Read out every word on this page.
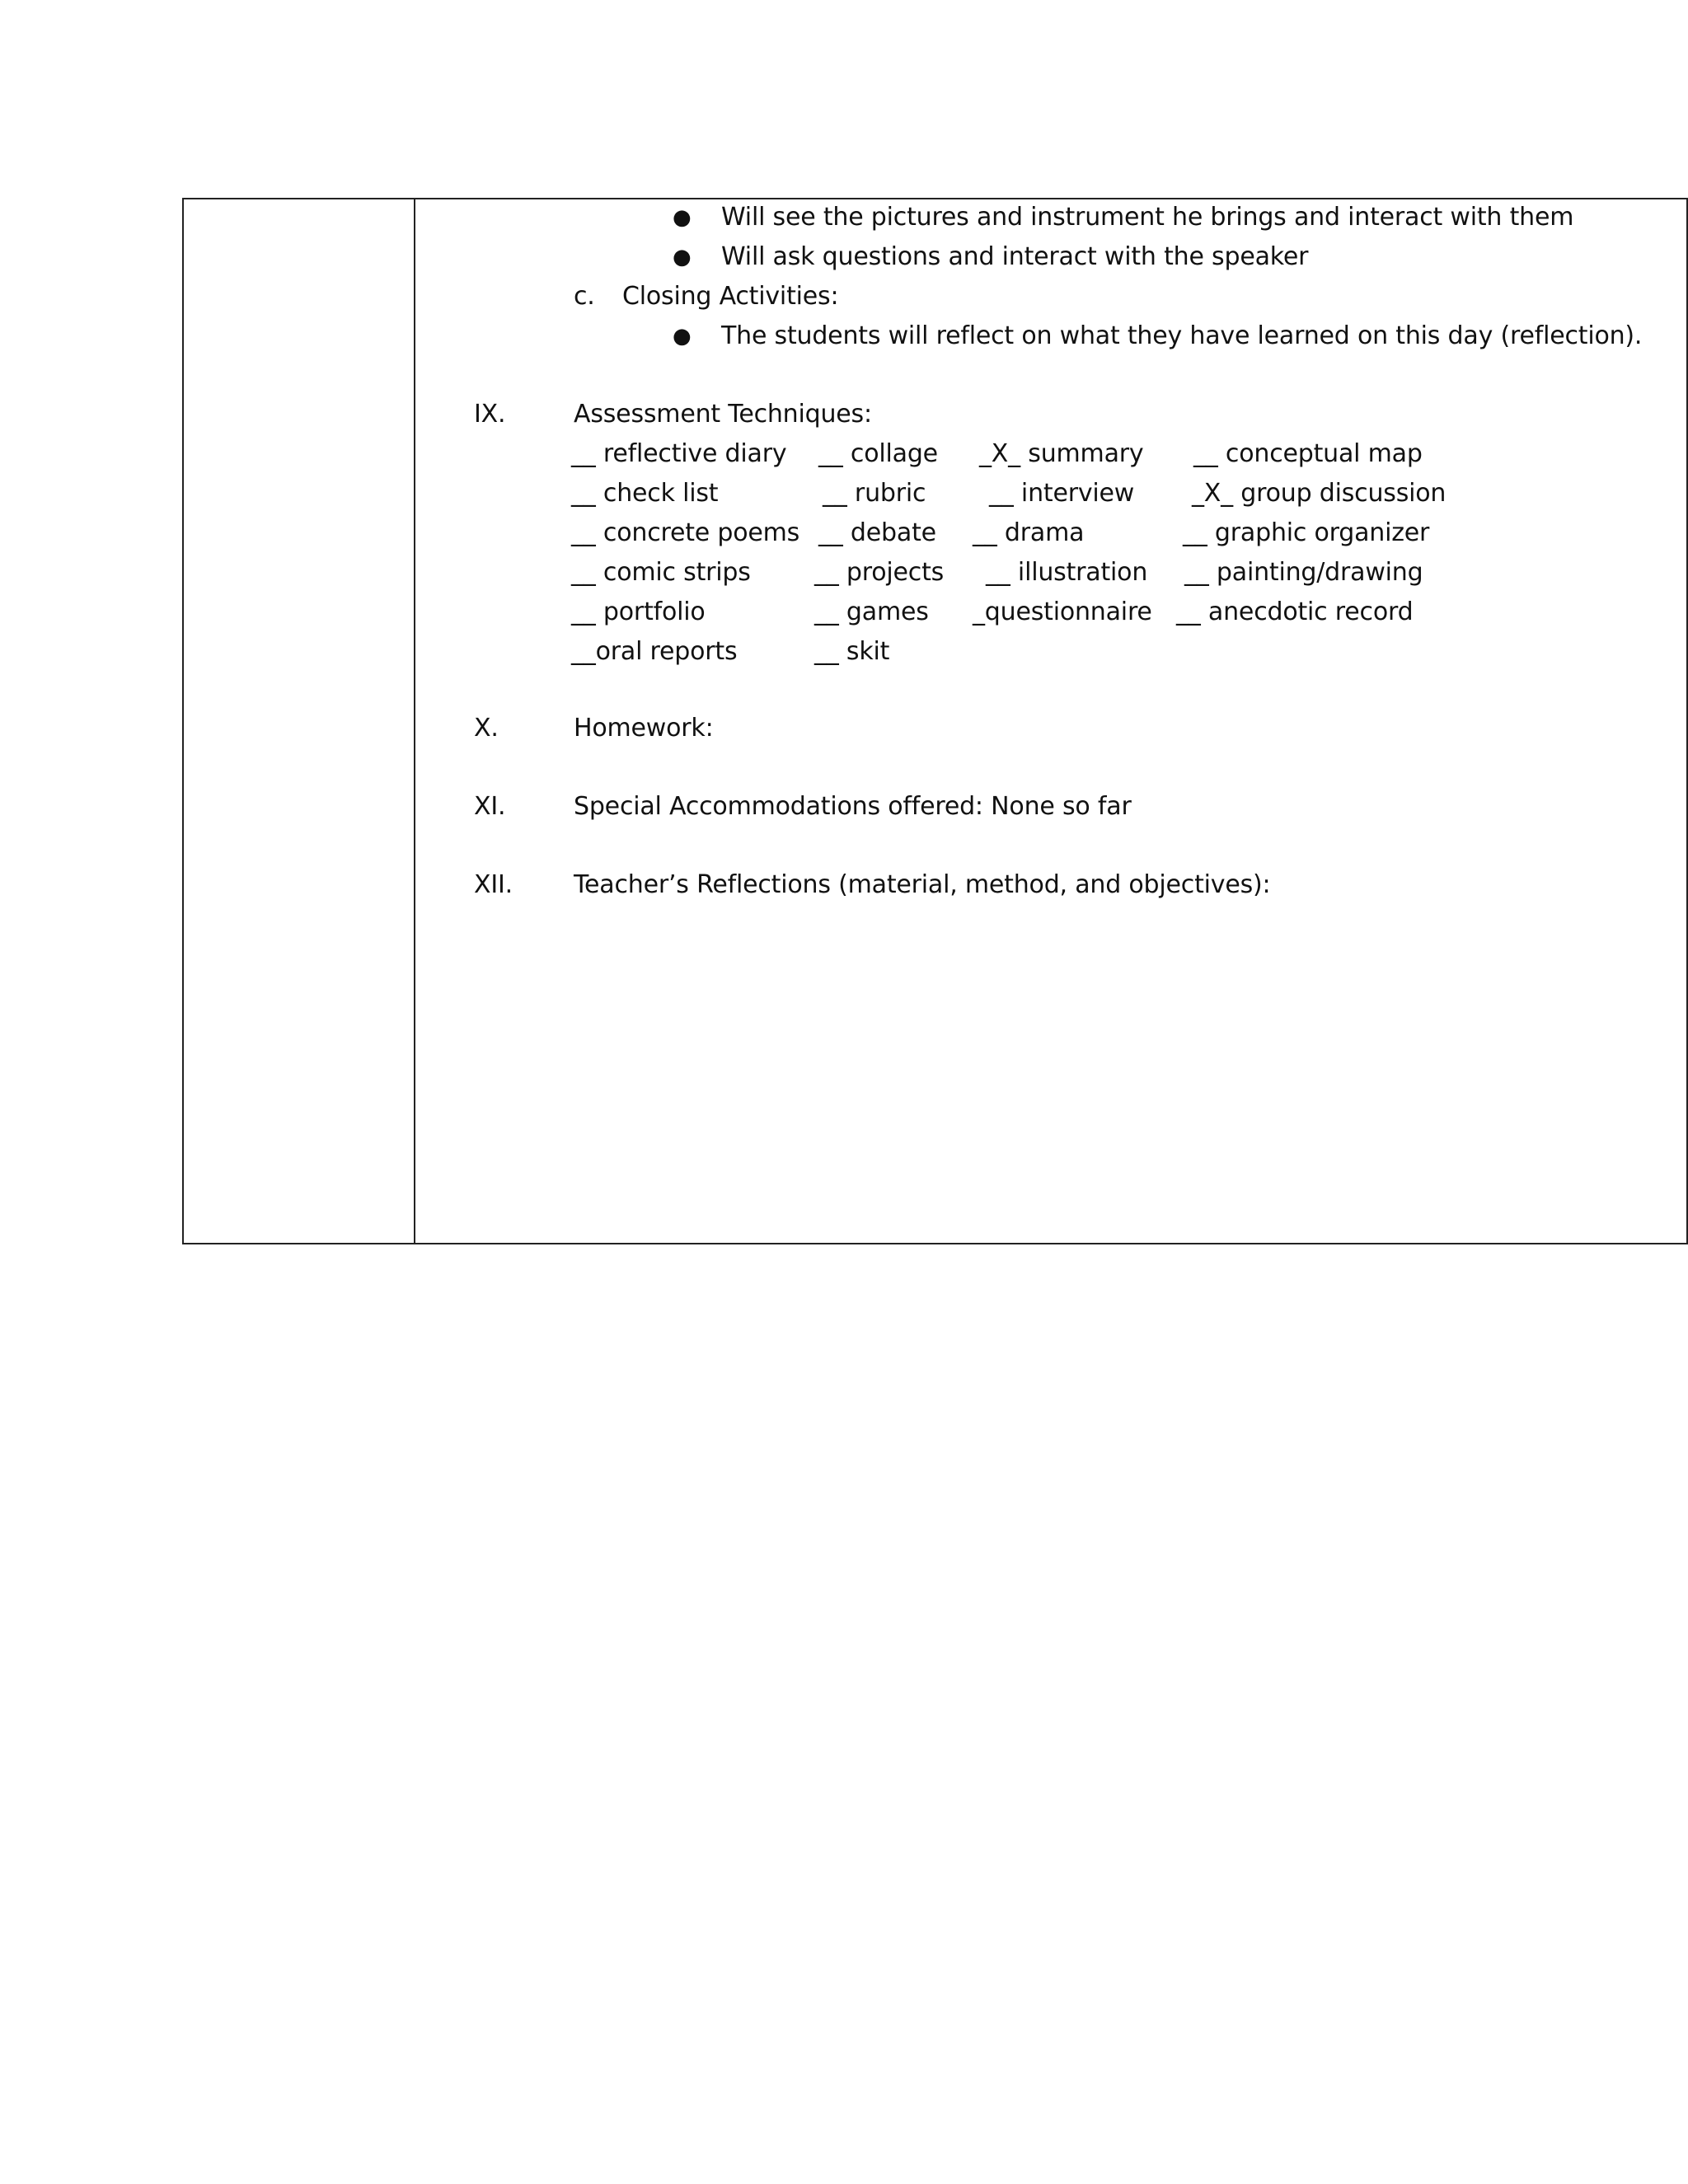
● Will see the pictures and instrument he brings and interact with them
● Will ask questions and interact with the speaker
c. Closing Activities:
● The students will reflect on what they have learned on this day (reflection).
IX.	Assessment Techniques:
__ reflective diary __ collage _X_ summary __ conceptual map
__ check list	__ rubric	__ interview _X_ group discussion
__ concrete poems __ debate __ drama	__ graphic organizer
__ comic strips	__ projects __ illustration __ painting/drawing
__ portfolio	__ games _questionnaire __ anecdotic record
__oral reports	__ skit
X.	Homework:
XI.	Special Accommodations offered: None so far
XII. Teacher’s Reflections (material, method, and objectives):
